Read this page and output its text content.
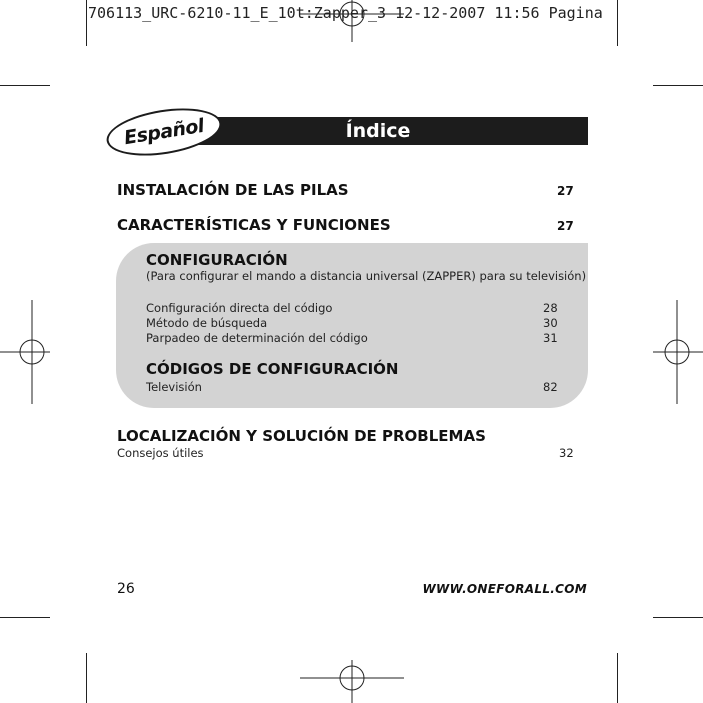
706113_URC-6210-11_E_10t:Zapper_3 12-12-2007 11:56 Pagina
Índice
Español
INSTALACIÓN DE LAS PILAS	27
CARACTERÍSTICAS Y FUNCIONES	27
CONFIGURACIÓN
(Para configurar el mando a distancia universal (ZAPPER) para su televisión)
Configuración directa del código	28
Método de búsqueda	30
Parpadeo de determinación del código	31
CÓDIGOS DE CONFIGURACIÓN
Televisión	82
LOCALIZACIÓN Y SOLUCIÓN DE PROBLEMAS
Consejos útiles	32
26	WWW.ONEFORALL.COM
